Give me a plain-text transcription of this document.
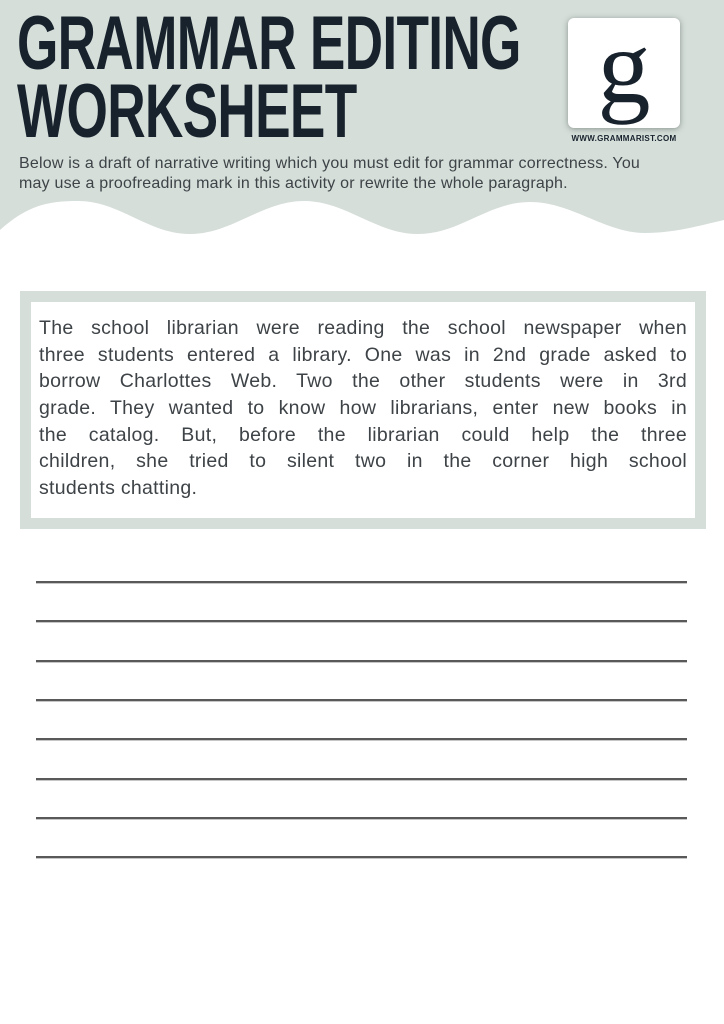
GRAMMAR EDITING
WORKSHEET	g
WWW.GRAMMARIST.COM
Below is a draft of narrative writing which you must edit for grammar correctness. You
may use a proofreading mark in this activity or rewrite the whole paragraph.
The school librarian were reading the school newspaper when
three students entered a library. One was in 2nd grade asked to
borrow Charlottes Web. Two the other students were in 3rd
grade. They wanted to know how librarians, enter new books in
the catalog. But, before the librarian could help the three
children, she tried to silent two in the corner high school
students chatting.
